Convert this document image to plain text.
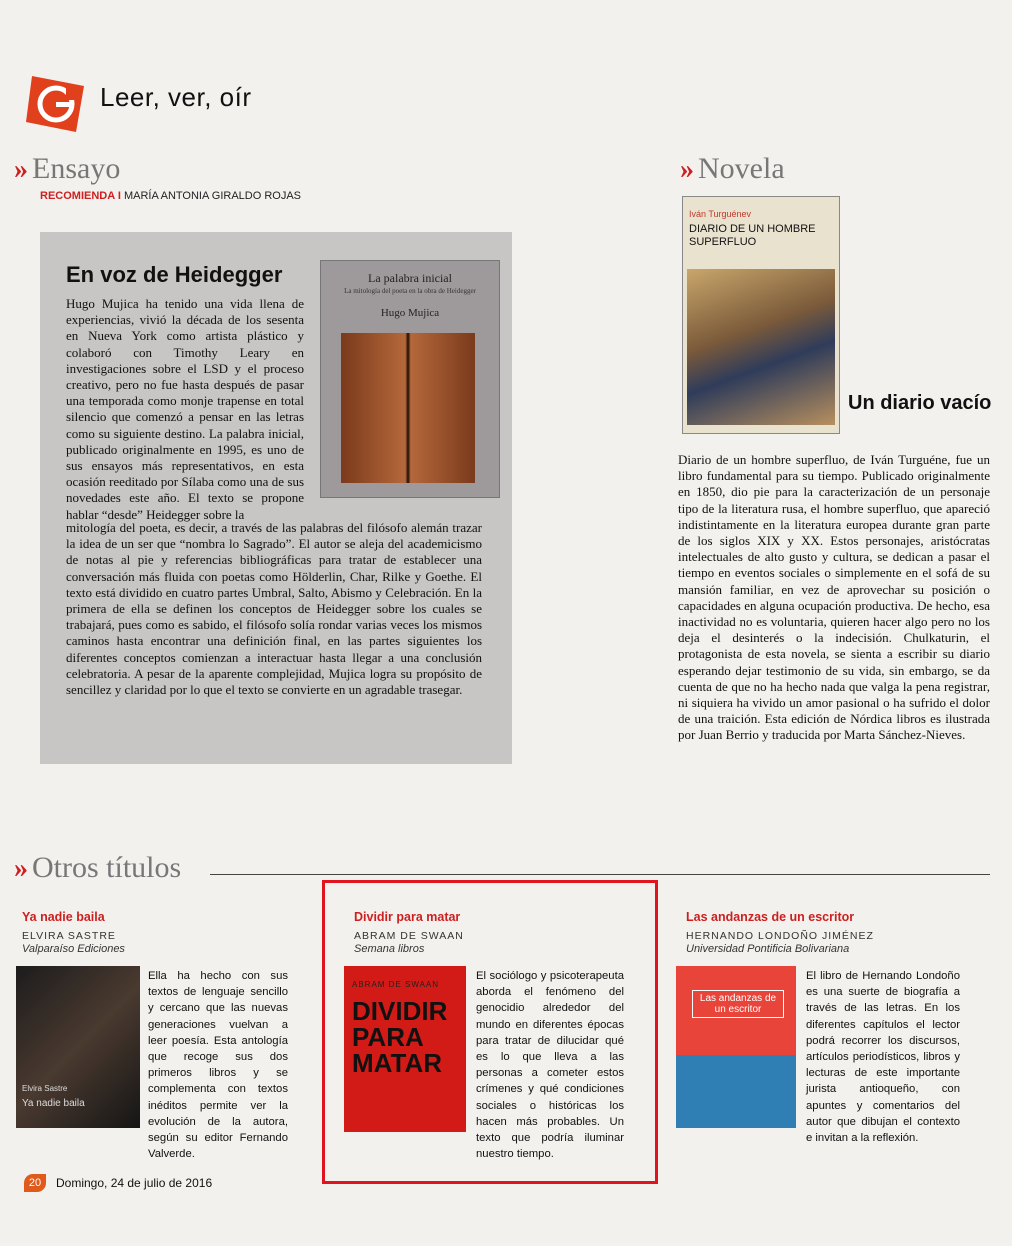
Leer, ver, oír
» Ensayo
RECOMIENDA I MARÍA ANTONIA GIRALDO ROJAS
En voz de Heidegger
Hugo Mujica ha tenido una vida llena de experiencias, vivió la década de los sesenta en Nueva York como artista plástico y colaboró con Timothy Leary en investigaciones sobre el LSD y el proceso creativo, pero no fue hasta después de pasar una temporada como monje trapense en total silencio que comenzó a pensar en las letras como su siguiente destino. La palabra inicial, publicado originalmente en 1995, es uno de sus ensayos más representativos, en esta ocasión reeditado por Sílaba como una de sus novedades este año. El texto se propone hablar “desde” Heidegger sobre la
mitología del poeta, es decir, a través de las palabras del filósofo alemán trazar la idea de un ser que “nombra lo Sagrado”. El autor se aleja del academicismo de notas al pie y referencias bibliográficas para tratar de establecer una conversación más fluida con poetas como Hölderlin, Char, Rilke y Goethe. El texto está dividido en cuatro partes Umbral, Salto, Abismo y Celebración. En la primera de ella se definen los conceptos de Heidegger sobre los cuales se trabajará, pues como es sabido, el filósofo solía rondar varias veces los mismos caminos hasta encontrar una definición final, en las partes siguientes los diferentes conceptos comienzan a interactuar hasta llegar a una conclusión celebratoria. A pesar de la aparente complejidad, Mujica logra su propósito de sencillez y claridad por lo que el texto se convierte en un agradable trasegar.
La palabra inicial
La mitología del poeta en la obra de Heidegger
Hugo Mujica
» Novela
Iván Turguénev
DIARIO DE UN HOMBRE SUPERFLUO
Un diario vacío
Diario de un hombre superfluo, de Iván Turguéne, fue un libro fundamental para su tiempo. Publicado originalmente en 1850, dio pie para la caracterización de un personaje tipo de la literatura rusa, el hombre superfluo, que apareció indistintamente en la literatura europea durante gran parte de los siglos XIX y XX. Estos personajes, aristócratas intelectuales de alto gusto y cultura, se dedican a pasar el tiempo en eventos sociales o simplemente en el sofá de su mansión familiar, en vez de aprovechar su posición o capacidades en alguna ocupación productiva. De hecho, esa inactividad no es voluntaria, quieren hacer algo pero no los deja el desinterés o la indecisión. Chulkaturin, el protagonista de esta novela, se sienta a escribir su diario esperando dejar testimonio de su vida, sin embargo, se da cuenta de que no ha hecho nada que valga la pena registrar, ni siquiera ha vivido un amor pasional o ha sufrido el dolor de una traición. Esta edición de Nórdica libros es ilustrada por Juan Berrio y traducida por Marta Sánchez-Nieves.
» Otros títulos
Ya nadie baila
ELVIRA SASTRE
Valparaíso Ediciones
Elvira Sastre
Ya nadie baila
Ella ha hecho con sus textos de lenguaje sencillo y cercano que las nuevas generaciones vuelvan a leer poesía. Esta antología que recoge sus dos primeros libros y se complementa con textos inéditos permite ver la evolución de la autora, según su editor Fernando Valverde.
Dividir para matar
ABRAM DE SWAAN
Semana libros
ABRAM DE SWAAN
DIVIDIR PARA MATAR
El sociólogo y psicoterapeuta aborda el fenómeno del genocidio alrededor del mundo en diferentes épocas para tratar de dilucidar qué es lo que lleva a las personas a cometer estos crímenes y qué condiciones sociales o históricas los hacen más probables. Un texto que podría iluminar nuestro tiempo.
Las andanzas de un escritor
HERNANDO LONDOÑO JIMÉNEZ
Universidad Pontificia Bolivariana
Las andanzas de un escritor
El libro de Hernando Londoño es una suerte de biografía a través de las letras. En los diferentes capítulos el lector podrá recorrer los discursos, artículos periodísticos, libros y lecturas de este importante jurista antioqueño, con apuntes y comentarios del autor que dibujan el contexto e invitan a la reflexión.
20	Domingo, 24 de julio de 2016
